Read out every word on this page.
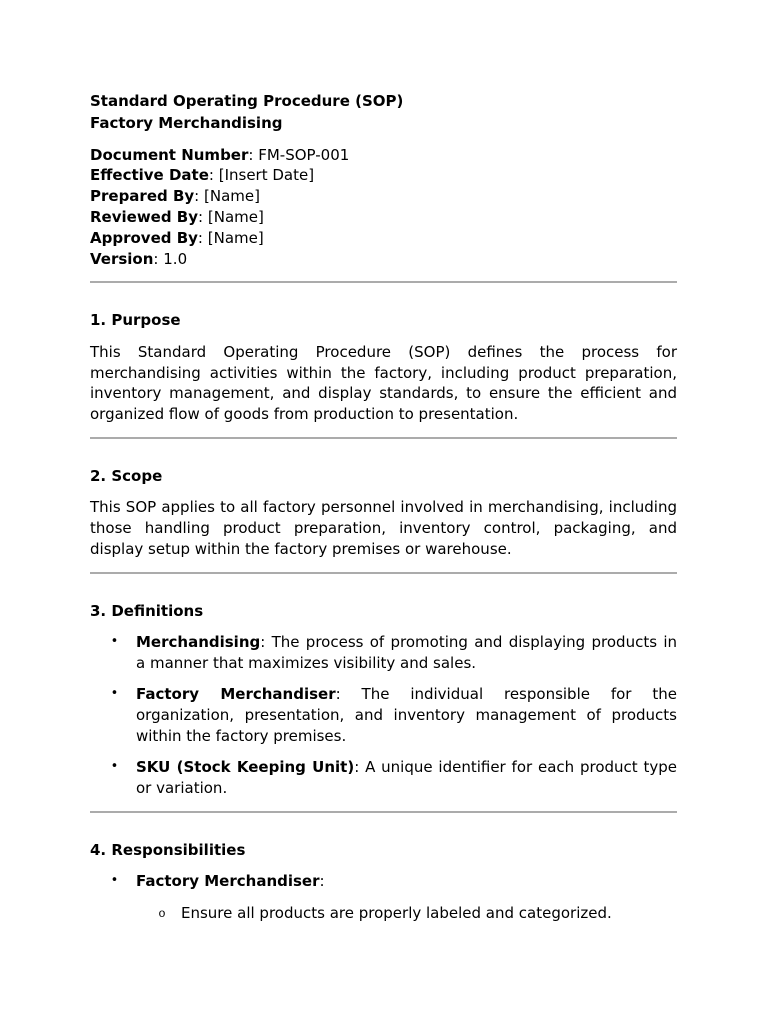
Standard Operating Procedure (SOP)
Factory Merchandising
Document Number: FM-SOP-001
Effective Date: [Insert Date]
Prepared By: [Name]
Reviewed By: [Name]
Approved By: [Name]
Version: 1.0
1. Purpose
This Standard Operating Procedure (SOP) defines the process for
merchandising activities within the factory, including product preparation,
inventory management, and display standards, to ensure the efficient and
organized flow of goods from production to presentation.
2. Scope
This SOP applies to all factory personnel involved in merchandising, including
those handling product preparation, inventory control, packaging, and
display setup within the factory premises or warehouse.
3. Definitions
• Merchandising: The process of promoting and displaying products in
a manner that maximizes visibility and sales.
• Factory Merchandiser: The individual responsible for the
organization, presentation, and inventory management of products
within the factory premises.
• SKU (Stock Keeping Unit): A unique identifier for each product type
or variation.
4. Responsibilities
• Factory Merchandiser:
o Ensure all products are properly labeled and categorized.
